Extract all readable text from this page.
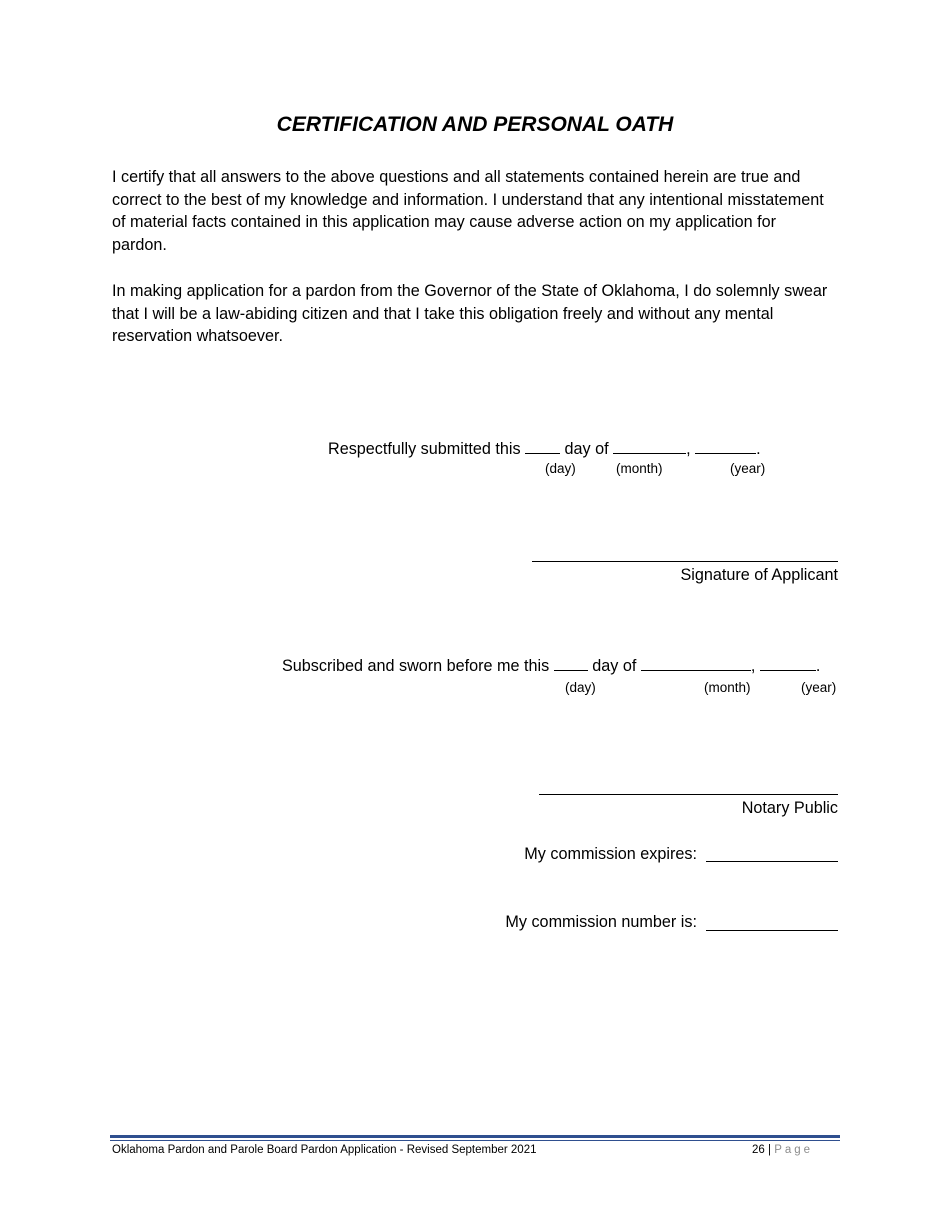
CERTIFICATION AND PERSONAL OATH

I certify that all answers to the above questions and all statements contained herein are true and correct to the best of my knowledge and information. I understand that any intentional misstatement of material facts contained in this application may cause adverse action on my application for pardon.

In making application for a pardon from the Governor of the State of Oklahoma, I do solemnly swear that I will be a law-abiding citizen and that I take this obligation freely and without any mental reservation whatsoever.

Respectfully submitted this	day of	,	.
(day)	(month)	(year)
Signature of Applicant
Subscribed and sworn before me this	day of	,	.
(day)	(month)	(year)
Notary Public
My commission expires:
My commission number is:
Oklahoma Pardon and Parole Board Pardon Application - Revised September 2021	26 | Page
